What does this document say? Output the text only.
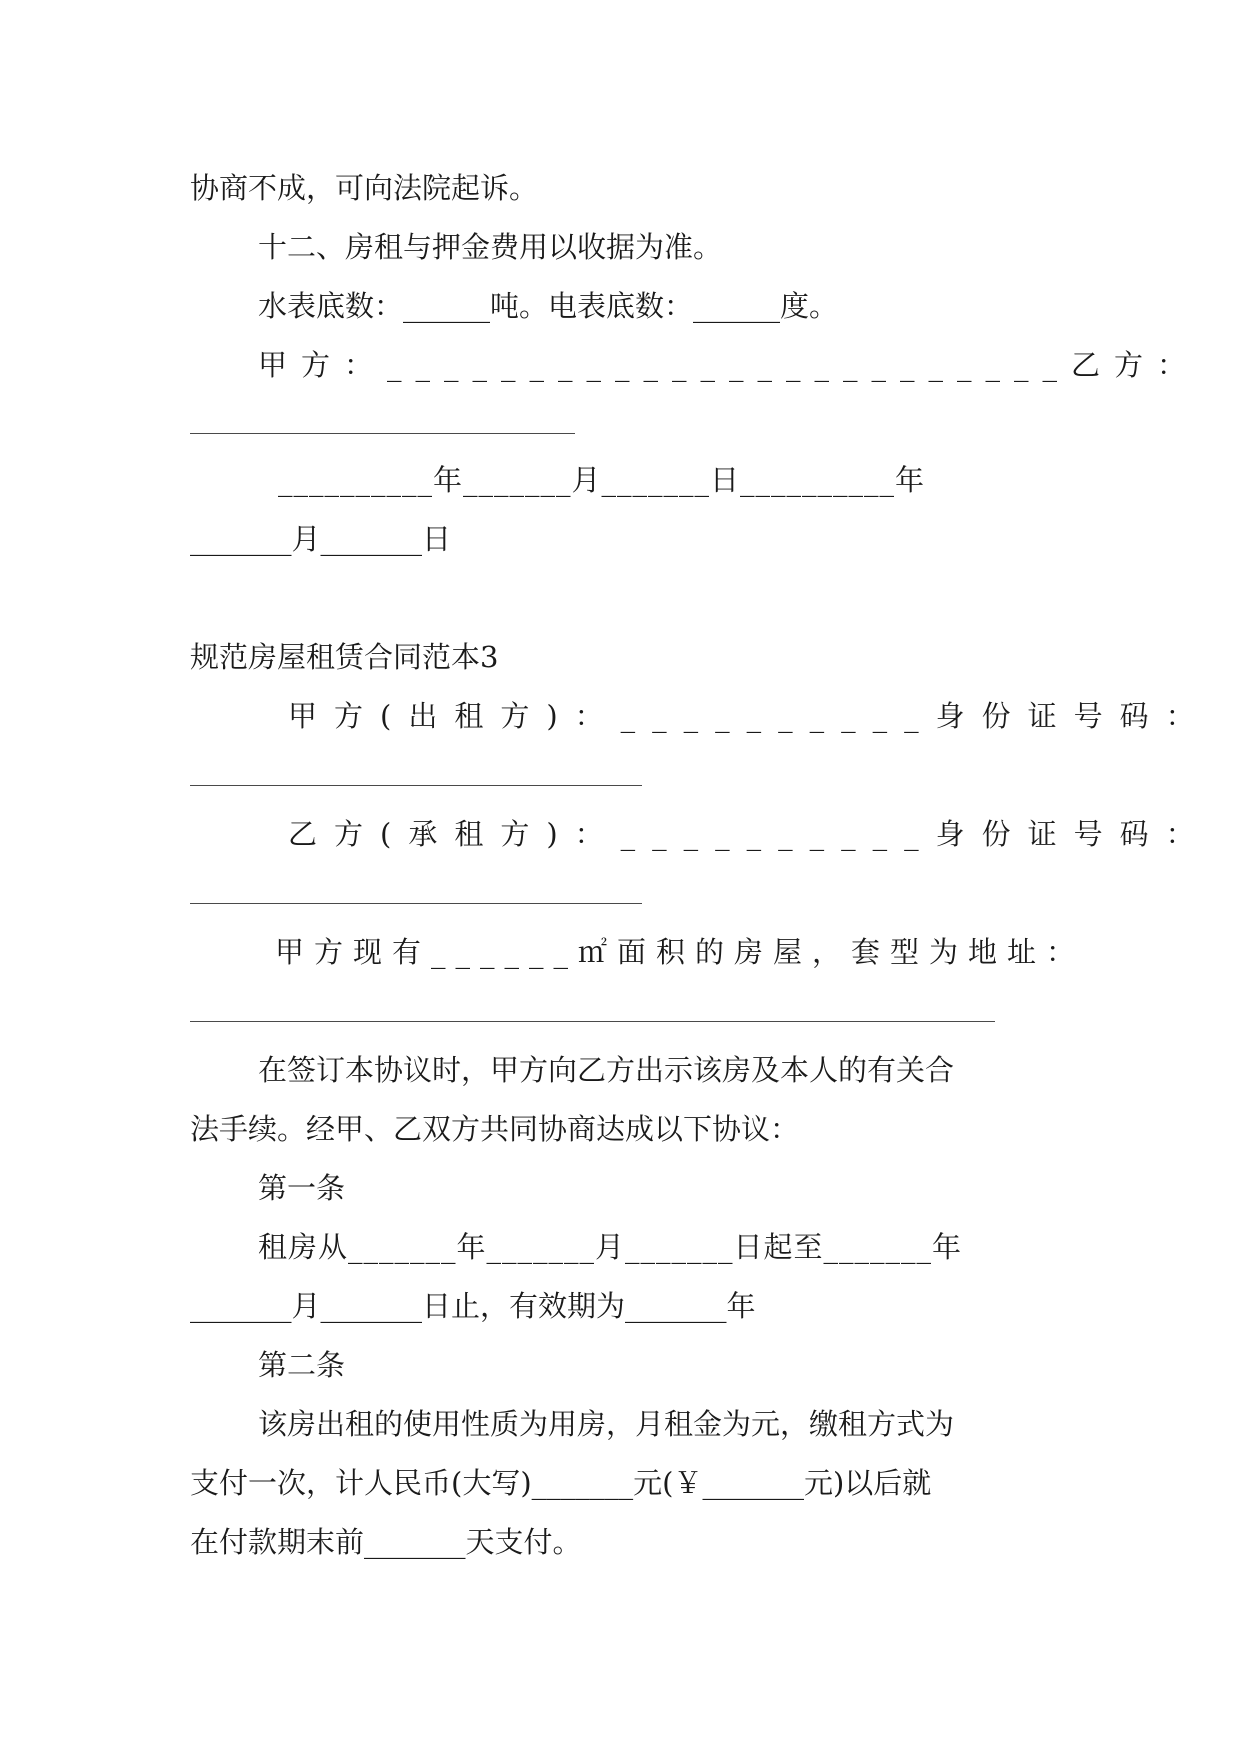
协商不成，可向法院起诉。
十二、房租与押金费用以收据为准。
水表底数：______吨。电表底数：______度。
甲方：________________________乙方：
__________年_______月_______日__________年
_______月_______日
规范房屋租赁合同范本3
甲方(出租方)：__________身份证号码：
乙方(承租方)：__________身份证号码：
甲方现有______㎡面积的房屋，套型为地址：
在签订本协议时，甲方向乙方出示该房及本人的有关合
法手续。经甲、乙双方共同协商达成以下协议：
第一条
租房从_______年_______月_______日起至_______年
_______月_______日止，有效期为_______年
第二条
该房出租的使用性质为用房，月租金为元，缴租方式为
支付一次，计人民币(大写)_______元(￥_______元)以后就
在付款期末前_______天支付。
